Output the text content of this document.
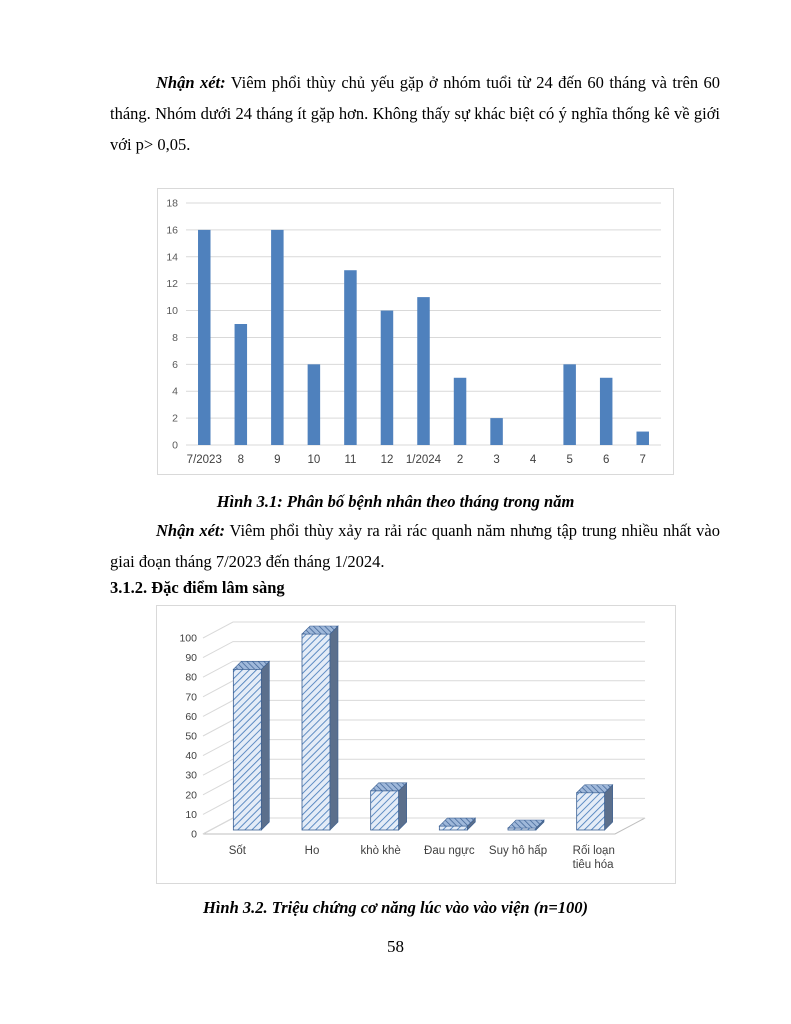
Nhận xét: Viêm phổi thùy chủ yếu gặp ở nhóm tuổi từ 24 đến 60 tháng và trên 60 tháng. Nhóm dưới 24 tháng ít gặp hơn. Không thấy sự khác biệt có ý nghĩa thống kê về giới với p> 0,05.

0
2
4
6
8
10
12
14
16
18
7/2023 8	9 10 11 12 1/2024 2	3	4	5	6	7

Hình 3.1: Phân bố bệnh nhân theo tháng trong năm

Nhận xét: Viêm phổi thùy xảy ra rải rác quanh năm nhưng tập trung nhiều nhất vào giai đoạn tháng 7/2023 đến tháng 1/2024.

3.1.2. Đặc điểm lâm sàng

0
10
20
30
40
50
60
70
80
90
100
Sốt	Ho	khò khè Đau ngực Suy hô hấp Rối loạn
tiêu hóa

Hình 3.2. Triệu chứng cơ năng lúc vào vào viện (n=100)

58
